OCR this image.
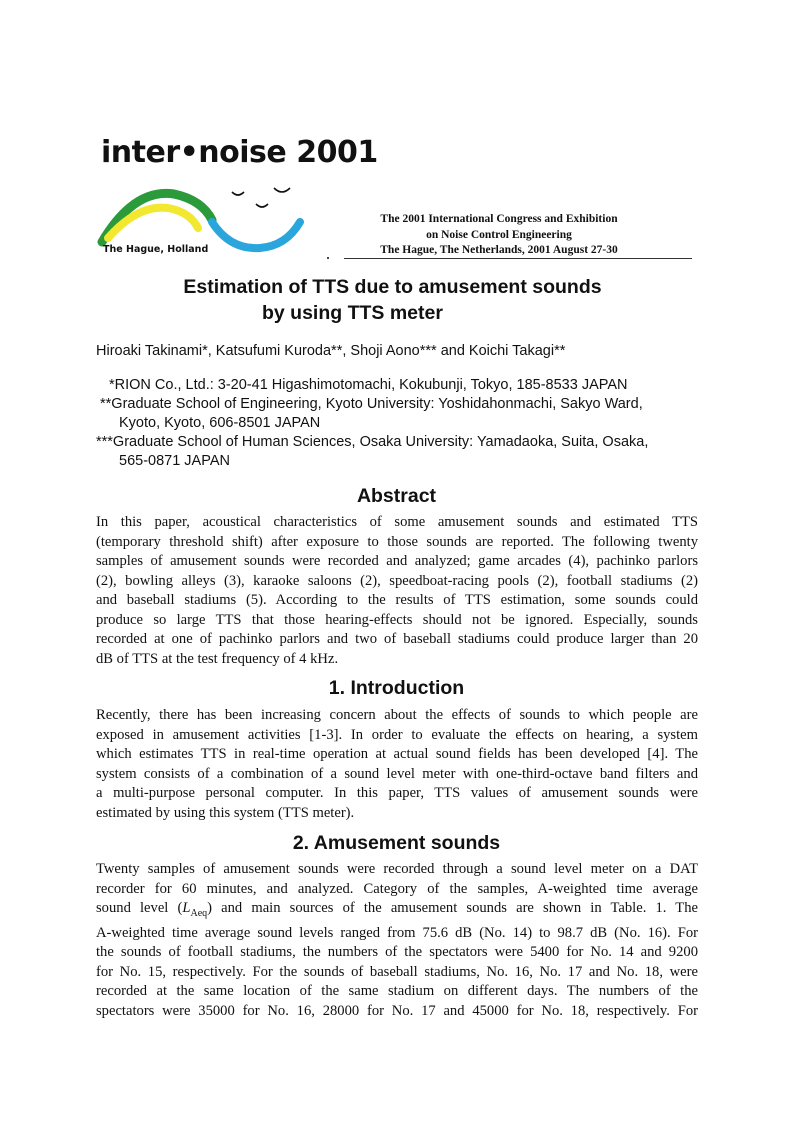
inter•noise 2001
The Hague, Holland
The 2001 International Congress and Exhibition
on Noise Control Engineering
The Hague, The Netherlands, 2001 August 27-30
Estimation of TTS due to amusement sounds
by using TTS meter
Hiroaki Takinami*, Katsufumi Kuroda**, Shoji Aono*** and Koichi Takagi**
*RION Co., Ltd.: 3-20-41 Higashimotomachi, Kokubunji, Tokyo, 185-8533 JAPAN
**Graduate School of Engineering, Kyoto University: Yoshidahonmachi, Sakyo Ward,
Kyoto, Kyoto, 606-8501 JAPAN
***Graduate School of Human Sciences, Osaka University: Yamadaoka, Suita, Osaka,
565-0871 JAPAN
Abstract
In this paper, acoustical characteristics of some amusement sounds and estimated TTS
(temporary threshold shift) after exposure to those sounds are reported. The following twenty
samples of amusement sounds were recorded and analyzed; game arcades (4), pachinko parlors
(2), bowling alleys (3), karaoke saloons (2), speedboat-racing pools (2), football stadiums (2)
and baseball stadiums (5). According to the results of TTS estimation, some sounds could
produce so large TTS that those hearing-effects should not be ignored. Especially, sounds
recorded at one of pachinko parlors and two of baseball stadiums could produce larger than 20
dB of TTS at the test frequency of 4 kHz.
1. Introduction
Recently, there has been increasing concern about the effects of sounds to which people are
exposed in amusement activities [1-3]. In order to evaluate the effects on hearing, a system
which estimates TTS in real-time operation at actual sound fields has been developed [4]. The
system consists of a combination of a sound level meter with one-third-octave band filters and
a multi-purpose personal computer. In this paper, TTS values of amusement sounds were
estimated by using this system (TTS meter).
2. Amusement sounds
Twenty samples of amusement sounds were recorded through a sound level meter on a DAT
recorder for 60 minutes, and analyzed. Category of the samples, A-weighted time average
sound level $(L_{Aeq})$ and main sources of the amusement sounds are shown in Table. 1. The
A-weighted time average sound levels ranged from 75.6 dB (No. 14) to 98.7 dB (No. 16). For
the sounds of football stadiums, the numbers of the spectators were 5400 for No. 14 and 9200
for No. 15, respectively. For the sounds of baseball stadiums, No. 16, No. 17 and No. 18, were
recorded at the same location of the same stadium on different days. The numbers of the
spectators were 35000 for No. 16, 28000 for No. 17 and 45000 for No. 18, respectively. For
